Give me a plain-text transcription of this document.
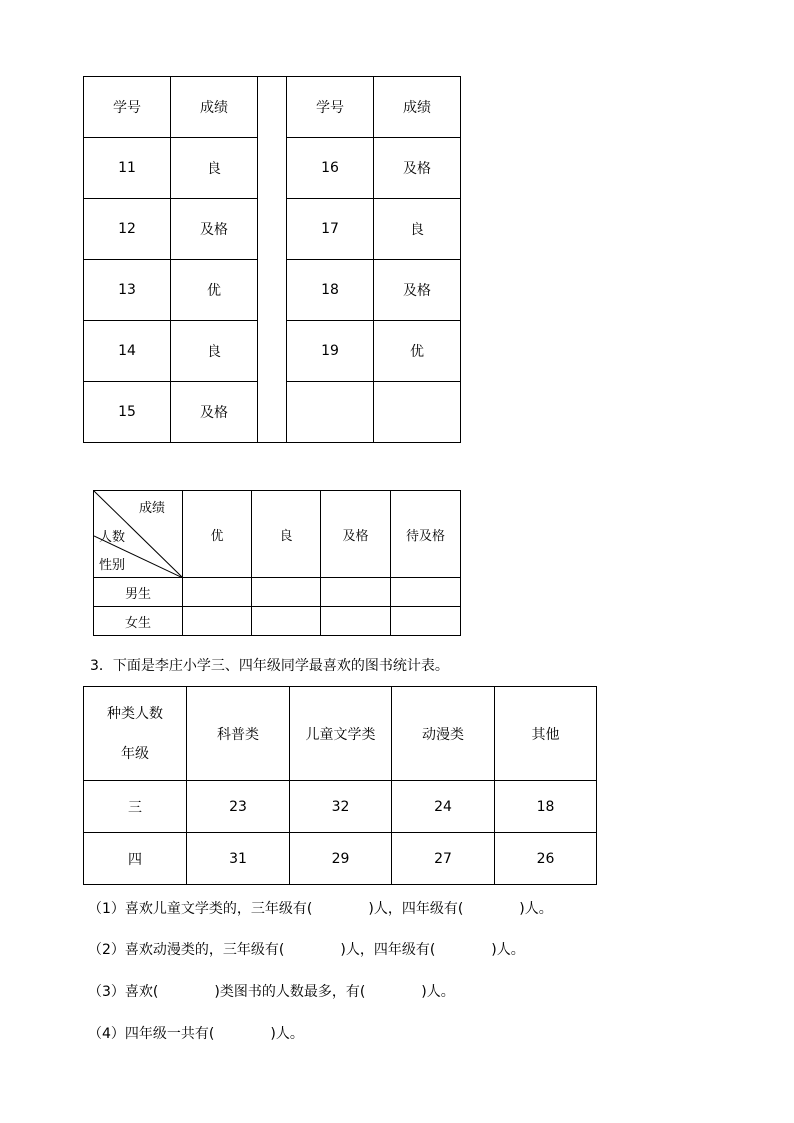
学号	成绩		学号	成绩
11	良		16	及格
12	及格		17	良
13	优		18	及格
14	良		19	优
15	及格			
成绩
人数
性别	优	良	及格	待及格
男生				
女生				
3．下面是李庄小学三、四年级同学最喜欢的图书统计表。
种类人数
年级	科普类	儿童文学类	动漫类	其他
三	23	32	24	18
四	31	29	27	26
（1）喜欢儿童文学类的，三年级有(　　　　)人，四年级有(　　　　)人。
（2）喜欢动漫类的，三年级有(　　　　)人，四年级有(　　　　)人。
（3）喜欢(　　　　)类图书的人数最多，有(　　　　)人。
（4）四年级一共有(　　　　)人。
